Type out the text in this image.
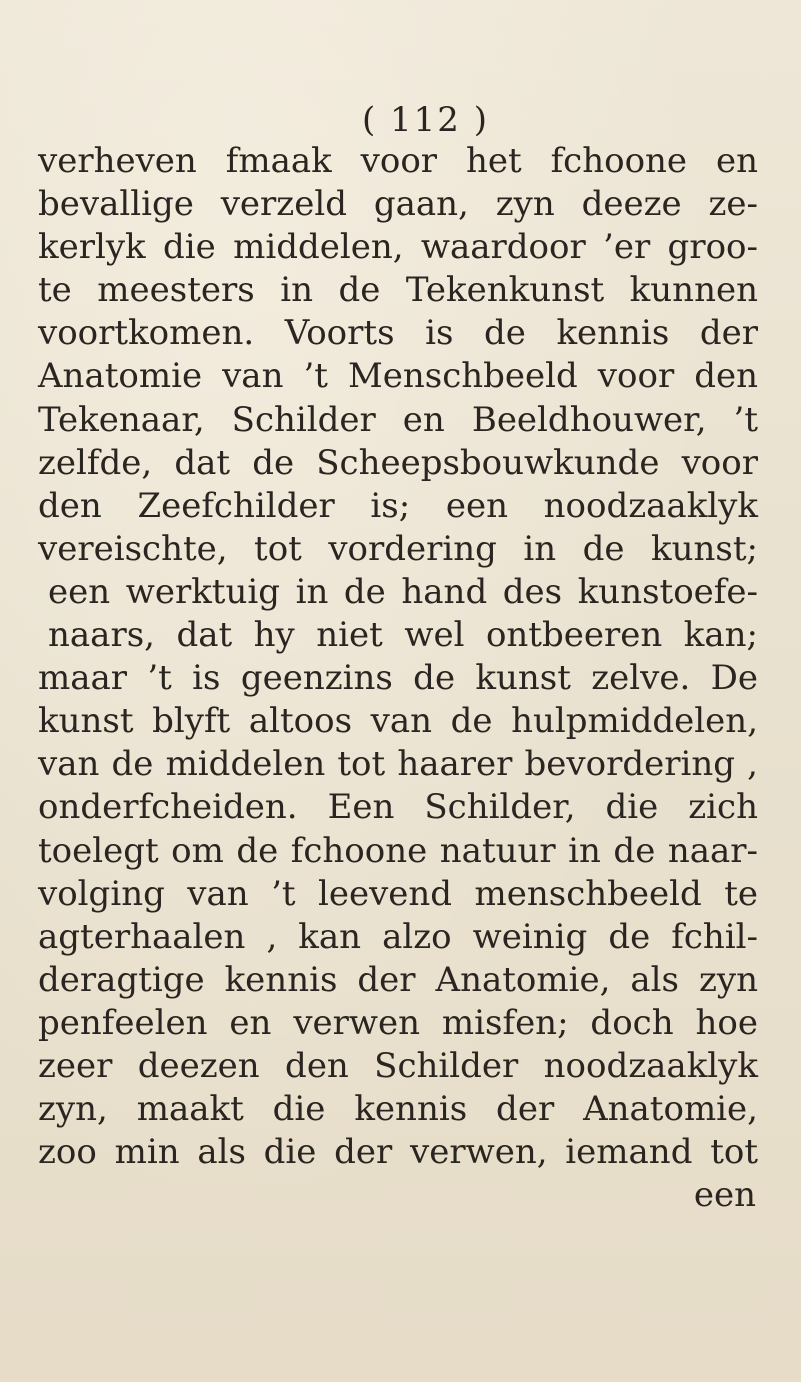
( 112 )
verheven fmaak voor het fchoone en
bevallige verzeld gaan, zyn deeze ze-
kerlyk die middelen, waardoor ’er groo-
te meesters in de Tekenkunst kunnen
voortkomen. Voorts is de kennis der
Anatomie van ’t Menschbeeld voor den
Tekenaar, Schilder en Beeldhouwer, ’t
zelfde, dat de Scheepsbouwkunde voor
den Zeefchilder is; een noodzaaklyk
vereischte, tot vordering in de kunst;
een werktuig in de hand des kunstoefe-
naars, dat hy niet wel ontbeeren kan;
maar ’t is geenzins de kunst zelve. De
kunst blyft altoos van de hulpmiddelen,
van de middelen tot haarer bevordering ,
onderfcheiden. Een Schilder, die zich
toelegt om de fchoone natuur in de naar-
volging van ’t leevend menschbeeld te
agterhaalen , kan alzo weinig de fchil-
deragtige kennis der Anatomie, als zyn
penfeelen en verwen misfen; doch hoe
zeer deezen den Schilder noodzaaklyk
zyn, maakt die kennis der Anatomie,
zoo min als die der verwen, iemand tot
een
